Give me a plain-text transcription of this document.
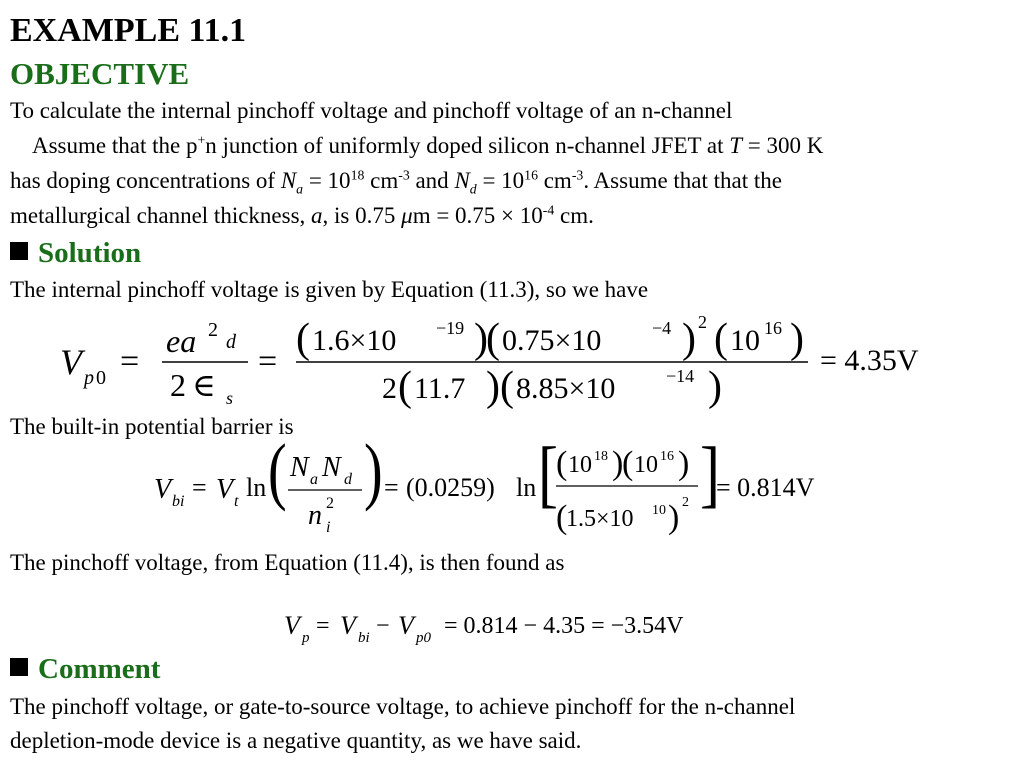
EXAMPLE 11.1
OBJECTIVE
To calculate the internal pinchoff voltage and pinchoff voltage of an n-channel
Assume that the p+n junction of uniformly doped silicon n-channel JFET at T = 300 K
has doping concentrations of $N_a = 10^{18}$ $cm^{-3}$ and $N_d = 10^{16}$ $cm^{-3}$. Assume that that the
metallurgical channel thickness, a, is 0.75 $\mu m = 0.75 \times 10^{-4}$ cm.
Solution
The internal pinchoff voltage is given by Equation (11.3), so we have
V p 0 =
ea 2
d
2 ∈ s
= ( 1.6×10 −19 )
( 0.75×10	−4 ) 2 ( 10 16 )
2 ( 11.7 ) ( 8.85×10	−14 )
= 4.35V
The built-in potential barrier is
V bi = V t ln ( N a N d
n i
2 ) = (0.0259) ln [
( 10 18 )
( 10 16 )
(
1.5×10 10 ) 2 ]
= 0.814V
The pinchoff voltage, from Equation (11.4), is then found as
V p = V bi − V p0 = 0.814 − 4.35 = −3.54V
Comment
The pinchoff voltage, or gate-to-source voltage, to achieve pinchoff for the n-channel
depletion-mode device is a negative quantity, as we have said.
